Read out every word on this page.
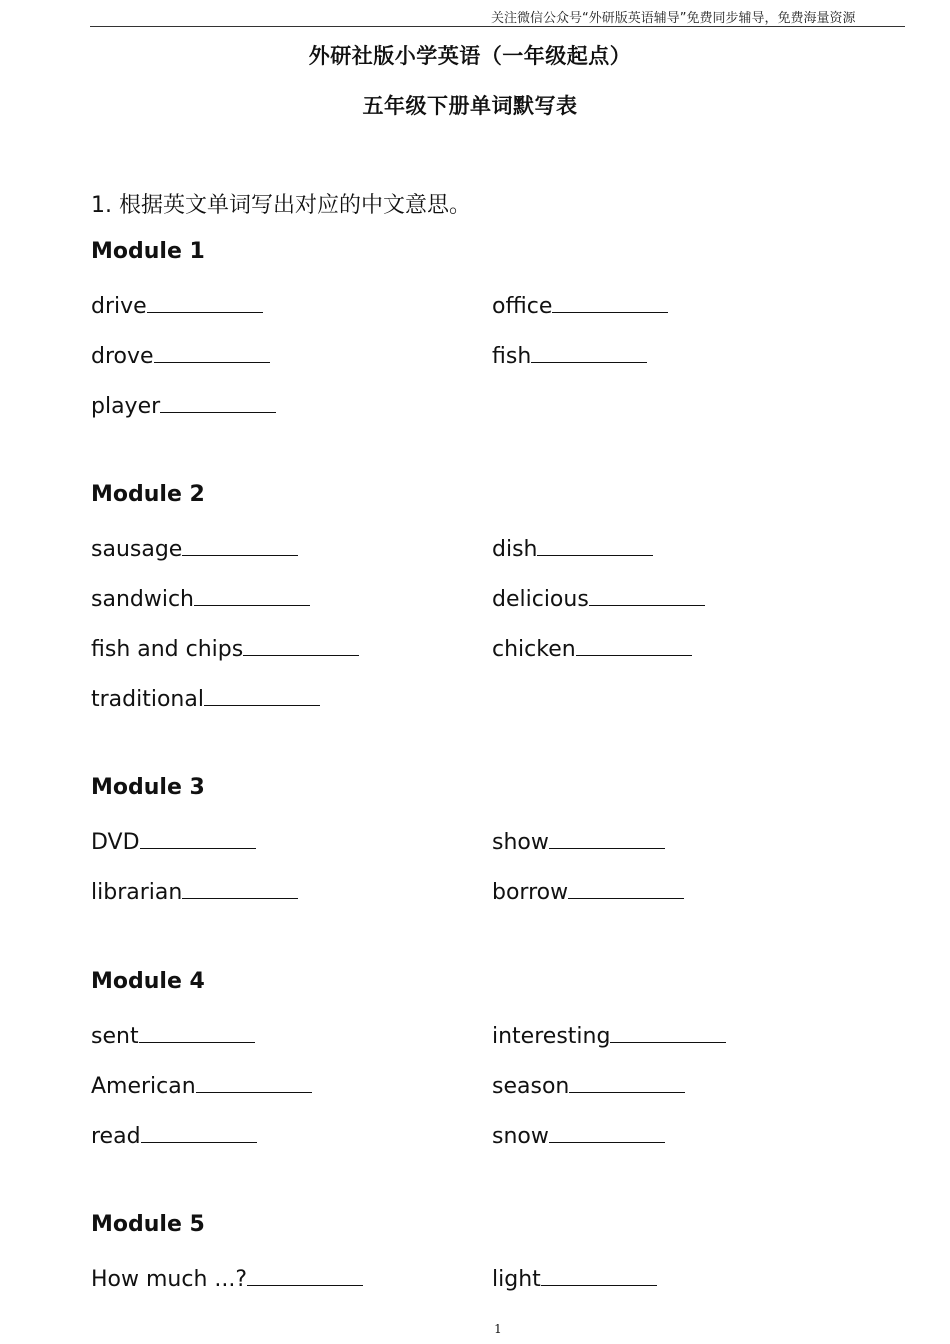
关注微信公众号“外研版英语辅导”免费同步辅导，免费海量资源
外研社版小学英语（一年级起点）
五年级下册单词默写表
1. 根据英文单词写出对应的中文意思。
Module 1
drive	office
drove	fish
player
Module 2
sausage	dish
sandwich	delicious
fish and chips	chicken
traditional
Module 3
DVD	show
librarian	borrow
Module 4
sent	interesting
American	season
read	snow
Module 5
How much ...?	light
1
